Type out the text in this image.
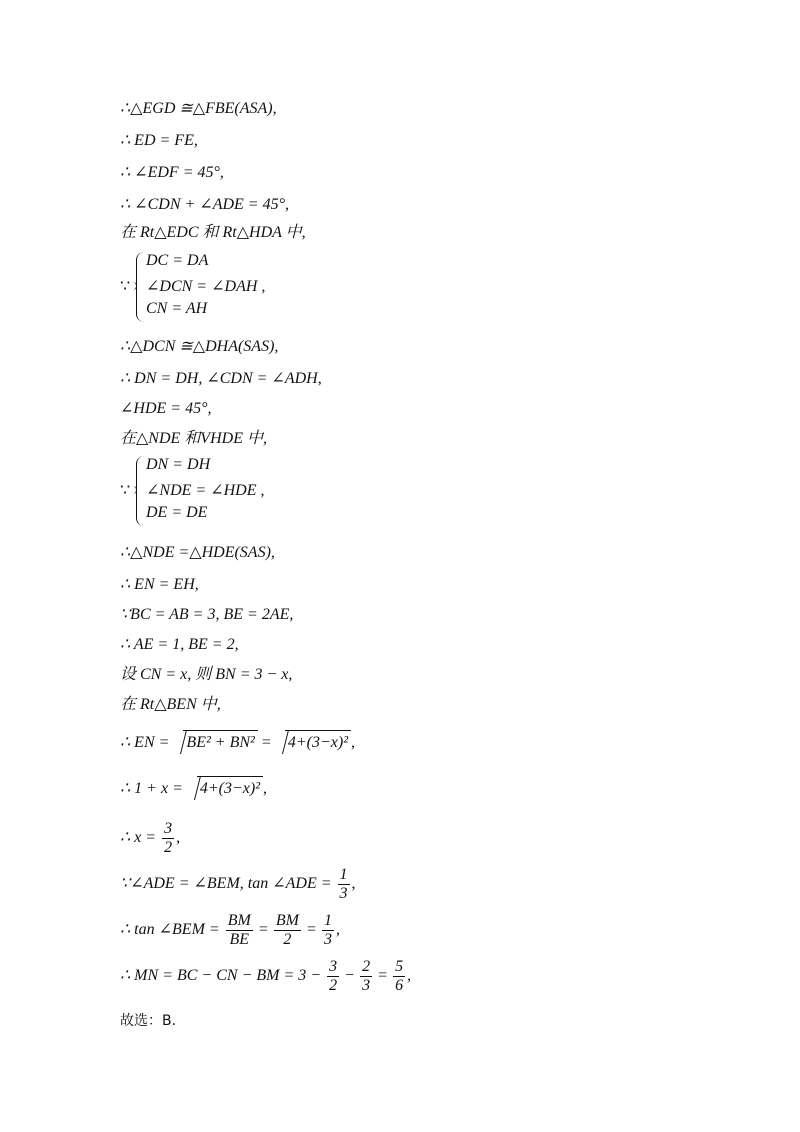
∴△EGD ≅△FBE(ASA),
∴ ED = FE,
∴ ∠EDF = 45°,
∴ ∠CDN + ∠ADE = 45°,
在 Rt△EDC 和 Rt△HDA 中,
∵
DC = DA
∠DCN = ∠DAH ,
CN = AH
∴△DCN ≅△DHA(SAS),
∴ DN = DH, ∠CDN = ∠ADH,
∠HDE = 45°,
在△NDE 和VHDE 中,
∵
DN = DH
∠NDE = ∠HDE ,
DE = DE
∴△NDE =△HDE(SAS),
∴ EN = EH,
∵BC = AB = 3, BE = 2AE,
∴ AE = 1, BE = 2,
设 CN = x, 则 BN = 3 − x,
在 Rt△BEN 中,
∴ EN = BE² + BN² = 4+(3−x)² ,
∴ 1 + x = 4+(3−x)² ,
∴ $x = \frac{3}{2}$ ,
∵∠ADE = ∠BEM, tan ∠ADE = $\frac{1}{3}$ ,
∴ tan ∠BEM = $\frac{BM}{BE} = \frac{BM}{2} = \frac{1}{3}$ ,
∴ MN = BC − CN − BM = $3 - \frac{3}{2} - \frac{2}{3} = \frac{5}{6}$ ,
故选：B.
